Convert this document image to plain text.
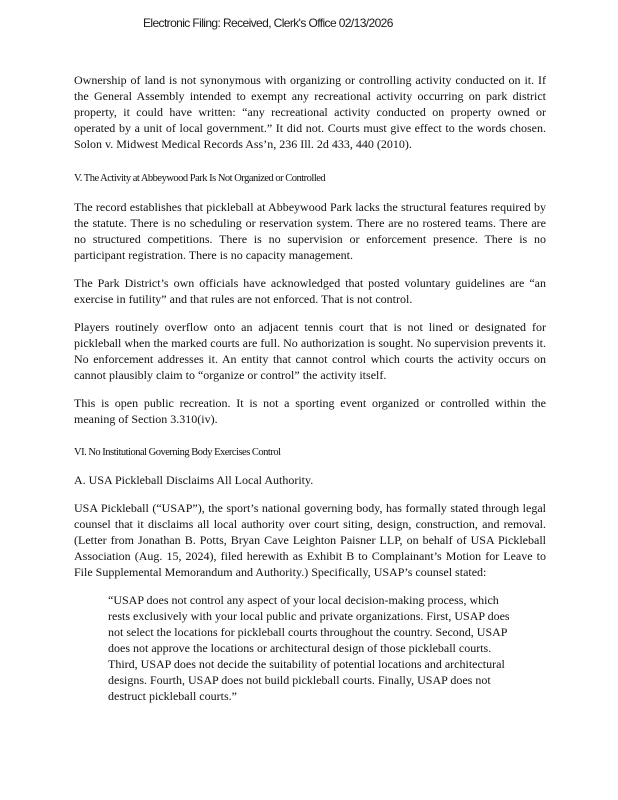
Electronic Filing: Received, Clerk's Office 02/13/2026

Ownership of land is not synonymous with organizing or controlling activity conducted on it. If the General Assembly intended to exempt any recreational activity occurring on park district property, it could have written: “any recreational activity conducted on property owned or operated by a unit of local government.” It did not. Courts must give effect to the words chosen. Solon v. Midwest Medical Records Ass’n, 236 Ill. 2d 433, 440 (2010).

V. The Activity at Abbeywood Park Is Not Organized or Controlled

The record establishes that pickleball at Abbeywood Park lacks the structural features required by the statute. There is no scheduling or reservation system. There are no rostered teams. There are no structured competitions. There is no supervision or enforcement presence. There is no participant registration. There is no capacity management.

The Park District’s own officials have acknowledged that posted voluntary guidelines are “an exercise in futility” and that rules are not enforced. That is not control.

Players routinely overflow onto an adjacent tennis court that is not lined or designated for pickleball when the marked courts are full. No authorization is sought. No supervision prevents it. No enforcement addresses it. An entity that cannot control which courts the activity occurs on cannot plausibly claim to “organize or control” the activity itself.

This is open public recreation. It is not a sporting event organized or controlled within the meaning of Section 3.310(iv).

VI. No Institutional Governing Body Exercises Control

A. USA Pickleball Disclaims All Local Authority.

USA Pickleball (“USAP”), the sport’s national governing body, has formally stated through legal counsel that it disclaims all local authority over court siting, design, construction, and removal. (Letter from Jonathan B. Potts, Bryan Cave Leighton Paisner LLP, on behalf of USA Pickleball Association (Aug. 15, 2024), filed herewith as Exhibit B to Complainant’s Motion for Leave to File Supplemental Memorandum and Authority.) Specifically, USAP’s counsel stated:

“USAP does not control any aspect of your local decision-making process, which rests exclusively with your local public and private organizations. First, USAP does not select the locations for pickleball courts throughout the country. Second, USAP does not approve the locations or architectural design of those pickleball courts. Third, USAP does not decide the suitability of potential locations and architectural designs. Fourth, USAP does not build pickleball courts. Finally, USAP does not destruct pickleball courts.”
